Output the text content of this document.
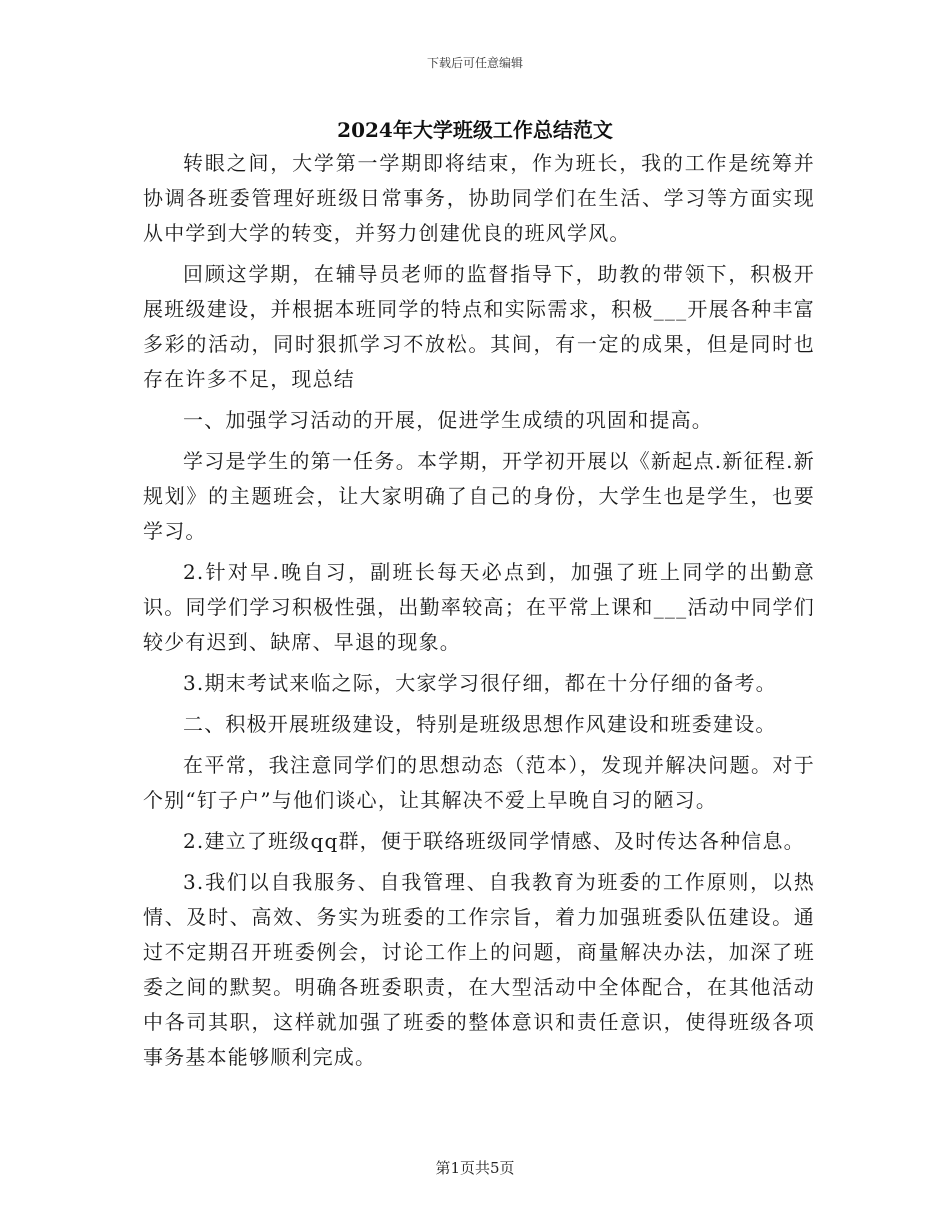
下载后可任意编辑
2024年大学班级工作总结范文

转眼之间，大学第一学期即将结束，作为班长，我的工作是统筹并协调各班委管理好班级日常事务，协助同学们在生活、学习等方面实现从中学到大学的转变，并努力创建优良的班风学风。

回顾这学期，在辅导员老师的监督指导下，助教的带领下，积极开展班级建设，并根据本班同学的特点和实际需求，积极___开展各种丰富多彩的活动，同时狠抓学习不放松。其间，有一定的成果，但是同时也存在许多不足，现总结

一、加强学习活动的开展，促进学生成绩的巩固和提高。

学习是学生的第一任务。本学期，开学初开展以《新起点.新征程.新规划》的主题班会，让大家明确了自己的身份，大学生也是学生，也要学习。

2.针对早.晚自习，副班长每天必点到，加强了班上同学的出勤意识。同学们学习积极性强，出勤率较高；在平常上课和___活动中同学们较少有迟到、缺席、早退的现象。

3.期末考试来临之际，大家学习很仔细，都在十分仔细的备考。

二、积极开展班级建设，特别是班级思想作风建设和班委建设。

在平常，我注意同学们的思想动态（范本），发现并解决问题。对于个别“钉子户”与他们谈心，让其解决不爱上早晚自习的陋习。

2.建立了班级qq群，便于联络班级同学情感、及时传达各种信息。

3.我们以自我服务、自我管理、自我教育为班委的工作原则，以热情、及时、高效、务实为班委的工作宗旨，着力加强班委队伍建设。通过不定期召开班委例会，讨论工作上的问题，商量解决办法，加深了班委之间的默契。明确各班委职责，在大型活动中全体配合，在其他活动中各司其职，这样就加强了班委的整体意识和责任意识，使得班级各项事务基本能够顺利完成。

第1页共5页
